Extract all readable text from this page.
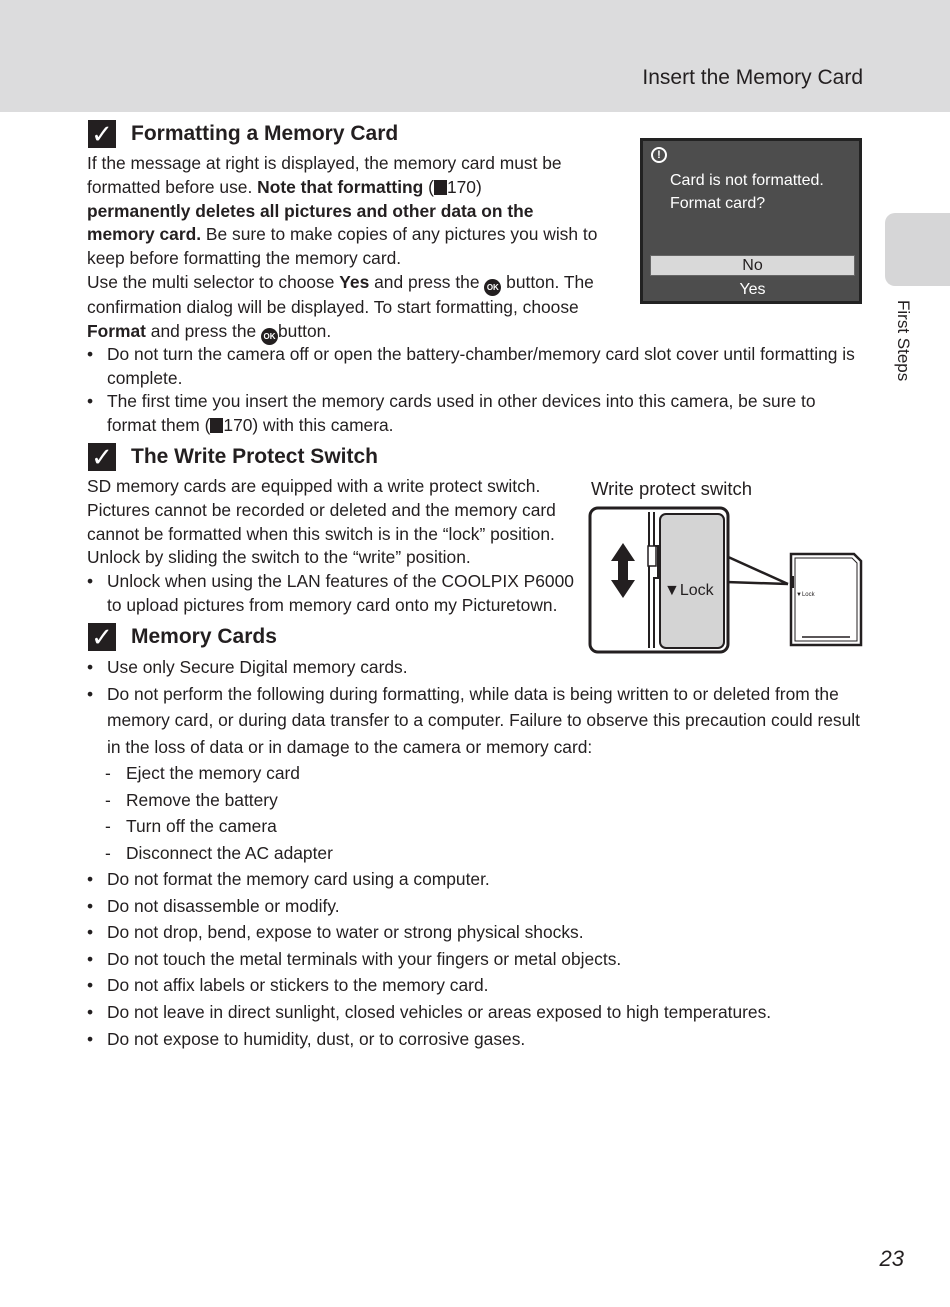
Insert the Memory Card
First Steps
✓ Formatting a Memory Card
If the message at right is displayed, the memory card must be
formatted before use. Note that formatting ( 170)
permanently deletes all pictures and other data on the
memory card. Be sure to make copies of any pictures you wish to
keep before formatting the memory card.
Use the multi selector to choose Yes and press the OK button. The
confirmation dialog will be displayed. To start formatting, choose
Format and press the OK button.
• Do not turn the camera off or open the battery-chamber/memory card slot cover until formatting is complete.
• The first time you insert the memory cards used in other devices into this camera, be sure to format them ( 170) with this camera.
!
Card is not formatted.
Format card?
No
Yes
✓ The Write Protect Switch
SD memory cards are equipped with a write protect switch.
Pictures cannot be recorded or deleted and the memory card
cannot be formatted when this switch is in the “lock” position.
Unlock by sliding the switch to the “write” position.
• Unlock when using the LAN features of the COOLPIX P6000
to upload pictures from memory card onto my Picturetown.
Write protect switch
▼Lock	▼Lock
✓ Memory Cards
• Use only Secure Digital memory cards.
• Do not perform the following during formatting, while data is being written to or deleted from the memory card, or during data transfer to a computer. Failure to observe this precaution could result in the loss of data or in damage to the camera or memory card:
- Eject the memory card
- Remove the battery
- Turn off the camera
- Disconnect the AC adapter
• Do not format the memory card using a computer.
• Do not disassemble or modify.
• Do not drop, bend, expose to water or strong physical shocks.
• Do not touch the metal terminals with your fingers or metal objects.
• Do not affix labels or stickers to the memory card.
• Do not leave in direct sunlight, closed vehicles or areas exposed to high temperatures.
• Do not expose to humidity, dust, or to corrosive gases.
23
